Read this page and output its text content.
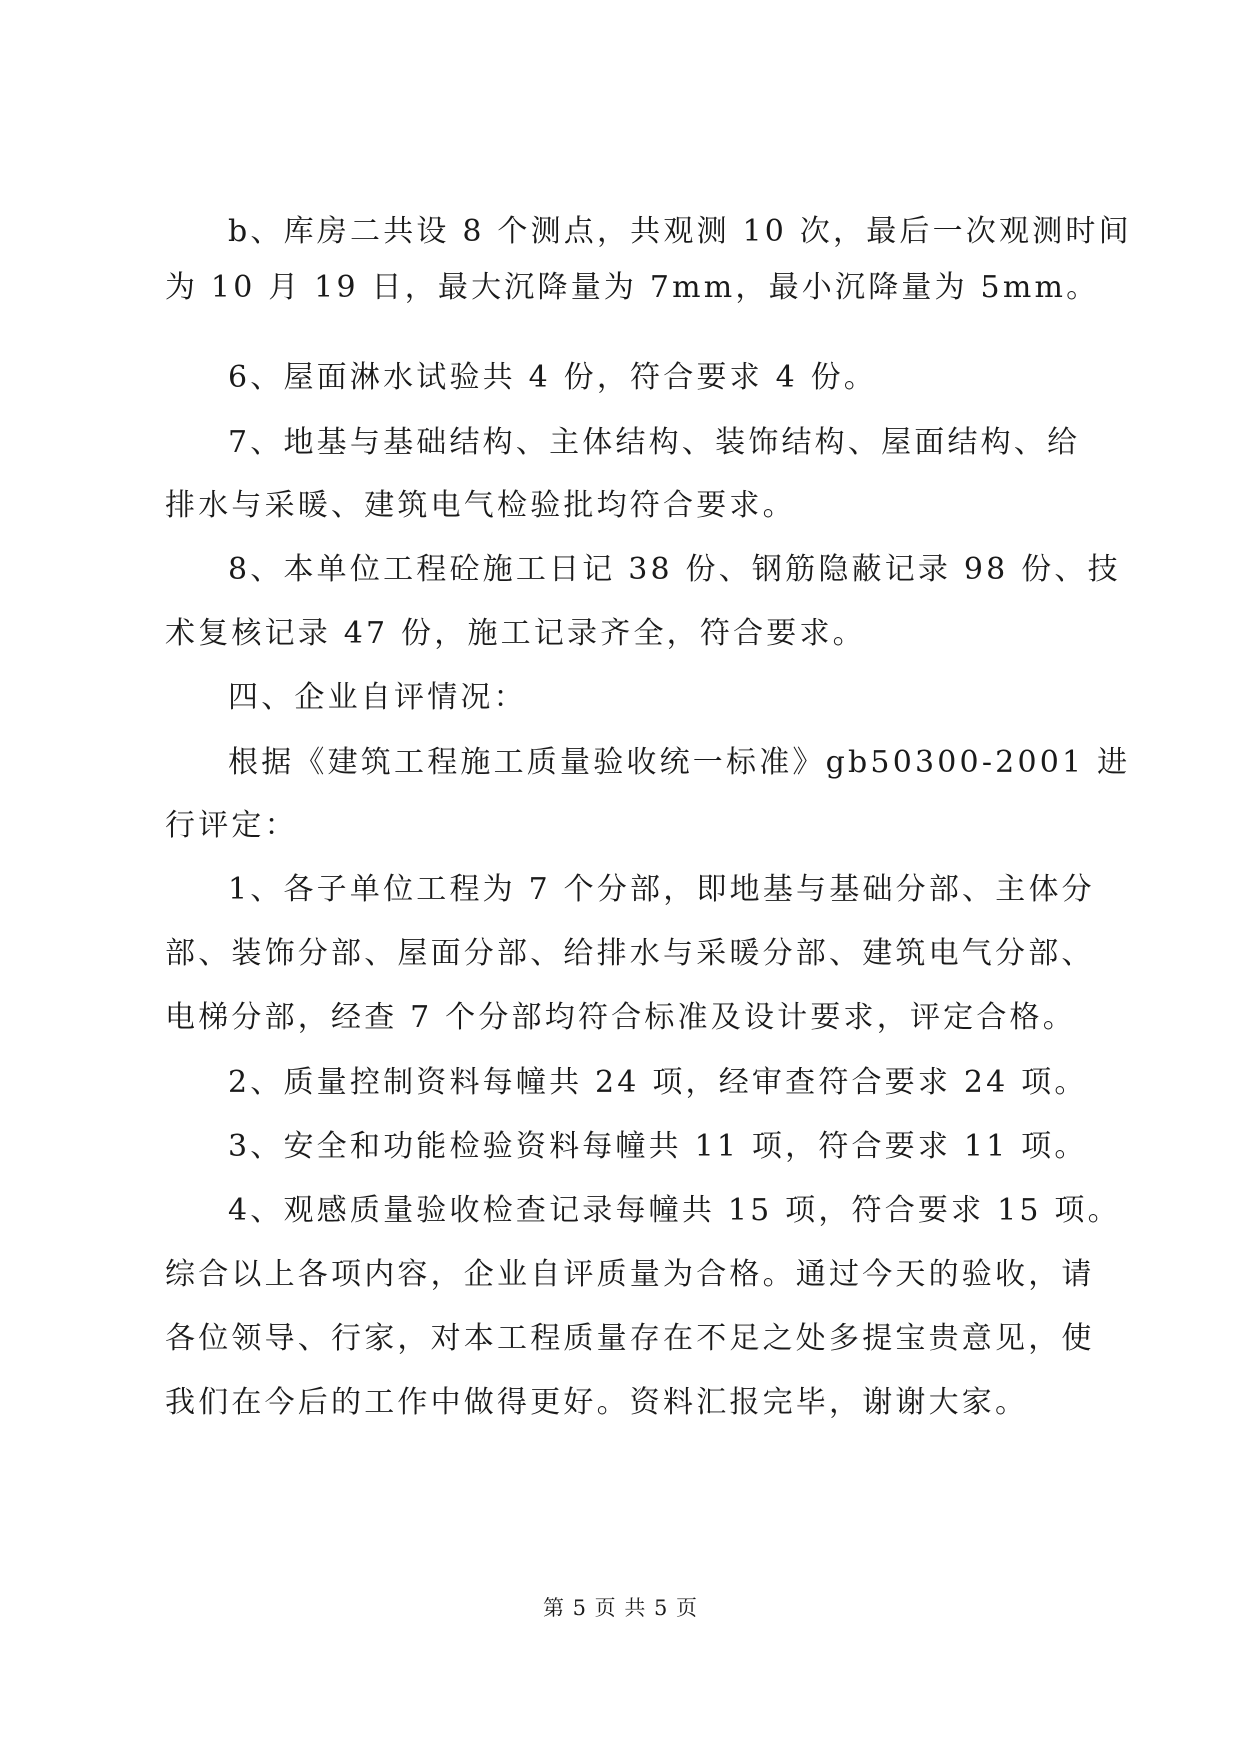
b、库房二共设 8 个测点，共观测 10 次，最后一次观测时间
为 10 月 19 日，最大沉降量为 7mm，最小沉降量为 5mm。
6、屋面淋水试验共 4 份，符合要求 4 份。
7、地基与基础结构、主体结构、装饰结构、屋面结构、给
排水与采暖、建筑电气检验批均符合要求。
8、本单位工程砼施工日记 38 份、钢筋隐蔽记录 98 份、技
术复核记录 47 份，施工记录齐全，符合要求。
四、企业自评情况：
根据《建筑工程施工质量验收统一标准》gb50300-2001 进
行评定：
1、各子单位工程为 7 个分部，即地基与基础分部、主体分
部、装饰分部、屋面分部、给排水与采暖分部、建筑电气分部、
电梯分部，经查 7 个分部均符合标准及设计要求，评定合格。
2、质量控制资料每幢共 24 项，经审查符合要求 24 项。
3、安全和功能检验资料每幢共 11 项，符合要求 11 项。
4、观感质量验收检查记录每幢共 15 项，符合要求 15 项。
综合以上各项内容，企业自评质量为合格。通过今天的验收，请
各位领导、行家，对本工程质量存在不足之处多提宝贵意见，使
我们在今后的工作中做得更好。资料汇报完毕，谢谢大家。
第 5 页 共 5 页
